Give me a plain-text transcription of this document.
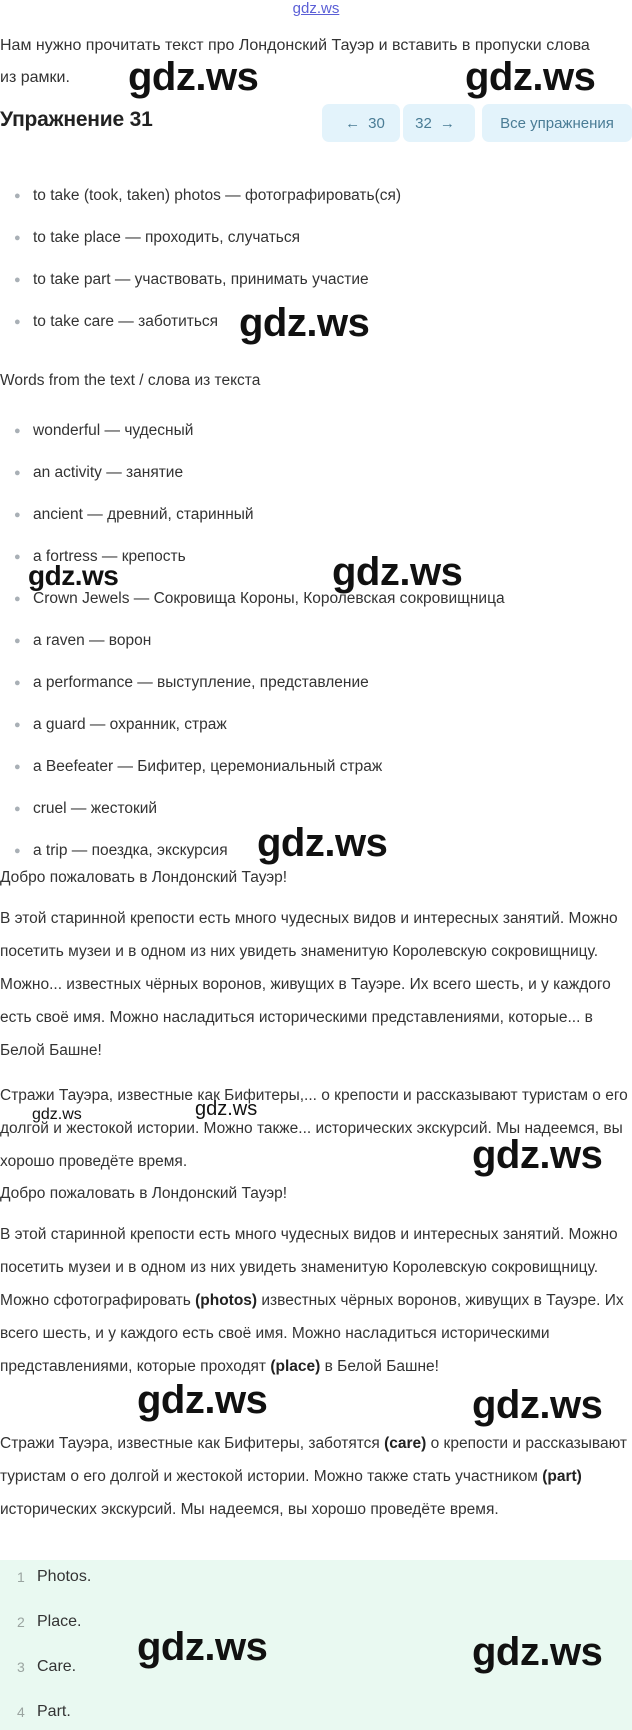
gdz.ws
Нам нужно прочитать текст про Лондонский Тауэр и вставить в пропуски слова из рамки.
Упражнение 31	← 30 32 →	Все упражнения
● to take (took, taken) photos — фотографировать(ся)
● to take place — проходить, случаться
● to take part — участвовать, принимать участие
● to take care — заботиться
Words from the text / слова из текста
● wonderful — чудесный
● an activity — занятие
● ancient — древний, старинный
● a fortress — крепость
● Crown Jewels — Сокровища Короны, Королевская сокровищница
● a raven — ворон
● a performance — выступление, представление
● a guard — охранник, страж
● a Beefeater — Бифитер, церемониальный страж
● cruel — жестокий
● a trip — поездка, экскурсия
Добро пожаловать в Лондонский Тауэр!
В этой старинной крепости есть много чудесных видов и интересных занятий. Можно посетить музеи и в одном из них увидеть знаменитую Королевскую сокровищницу. Можно... известных чёрных воронов, живущих в Тауэре. Их всего шесть, и у каждого есть своё имя. Можно насладиться историческими представлениями, которые... в Белой Башне!
Стражи Тауэра, известные как Бифитеры,... о крепости и рассказывают туристам о его долгой и жестокой истории. Можно также... исторических экскурсий. Мы надеемся, вы хорошо проведёте время.
Добро пожаловать в Лондонский Тауэр!
В этой старинной крепости есть много чудесных видов и интересных занятий. Можно посетить музеи и в одном из них увидеть знаменитую Королевскую сокровищницу. Можно сфотографировать (photos) известных чёрных воронов, живущих в Тауэре. Их всего шесть, и у каждого есть своё имя. Можно насладиться историческими представлениями, которые проходят (place) в Белой Башне!
Стражи Тауэра, известные как Бифитеры, заботятся (care) о крепости и рассказывают туристам о его долгой и жестокой истории. Можно также стать участником (part) исторических экскурсий. Мы надеемся, вы хорошо проведёте время.
1 Photos.
2 Place.
3 Care.
4 Part.
gdz.ws	gdz.ws
gdz.ws
gdz.ws	gdz.ws
gdz.ws
gdz.ws	gdz.ws
gdz.ws
gdz.ws	gdz.ws
gdz.ws	gdz.ws
